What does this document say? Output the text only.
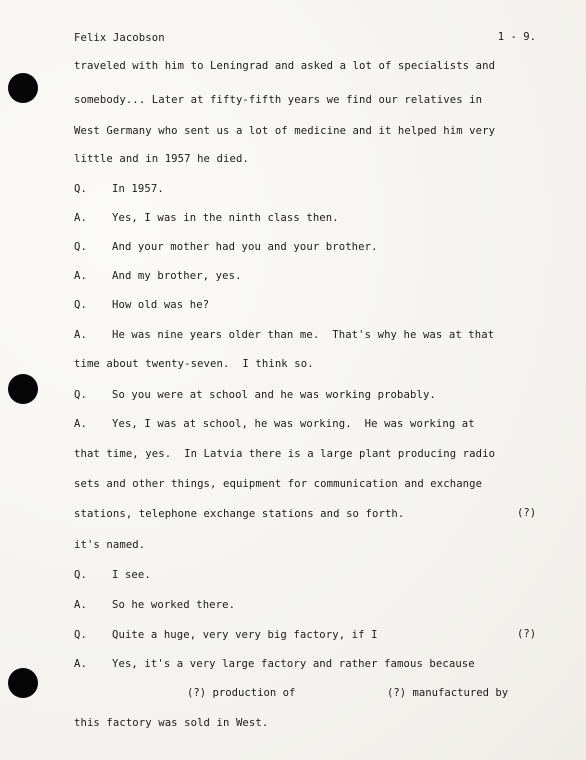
Felix Jacobson	1 - 9.
traveled with him to Leningrad and asked a lot of specialists and
somebody... Later at fifty-fifth years we find our relatives in
West Germany who sent us a lot of medicine and it helped him very
little and in 1957 he died.
Q. In 1957.
A. Yes, I was in the ninth class then.
Q. And your mother had you and your brother.
A. And my brother, yes.
Q. How old was he?
A. He was nine years older than me.  That's why he was at that
time about twenty-seven.  I think so.
Q. So you were at school and he was working probably.
A. Yes, I was at school, he was working.  He was working at
that time, yes.  In Latvia there is a large plant producing radio
sets and other things, equipment for communication and exchange
stations, telephone exchange stations and so forth.	(?)
it's named.
Q. I see.
A. So he worked there.
Q. Quite a huge, very very big factory, if I	(?)
A. Yes, it's a very large factory and rather famous because
(?) production of	(?) manufactured by
this factory was sold in West.
